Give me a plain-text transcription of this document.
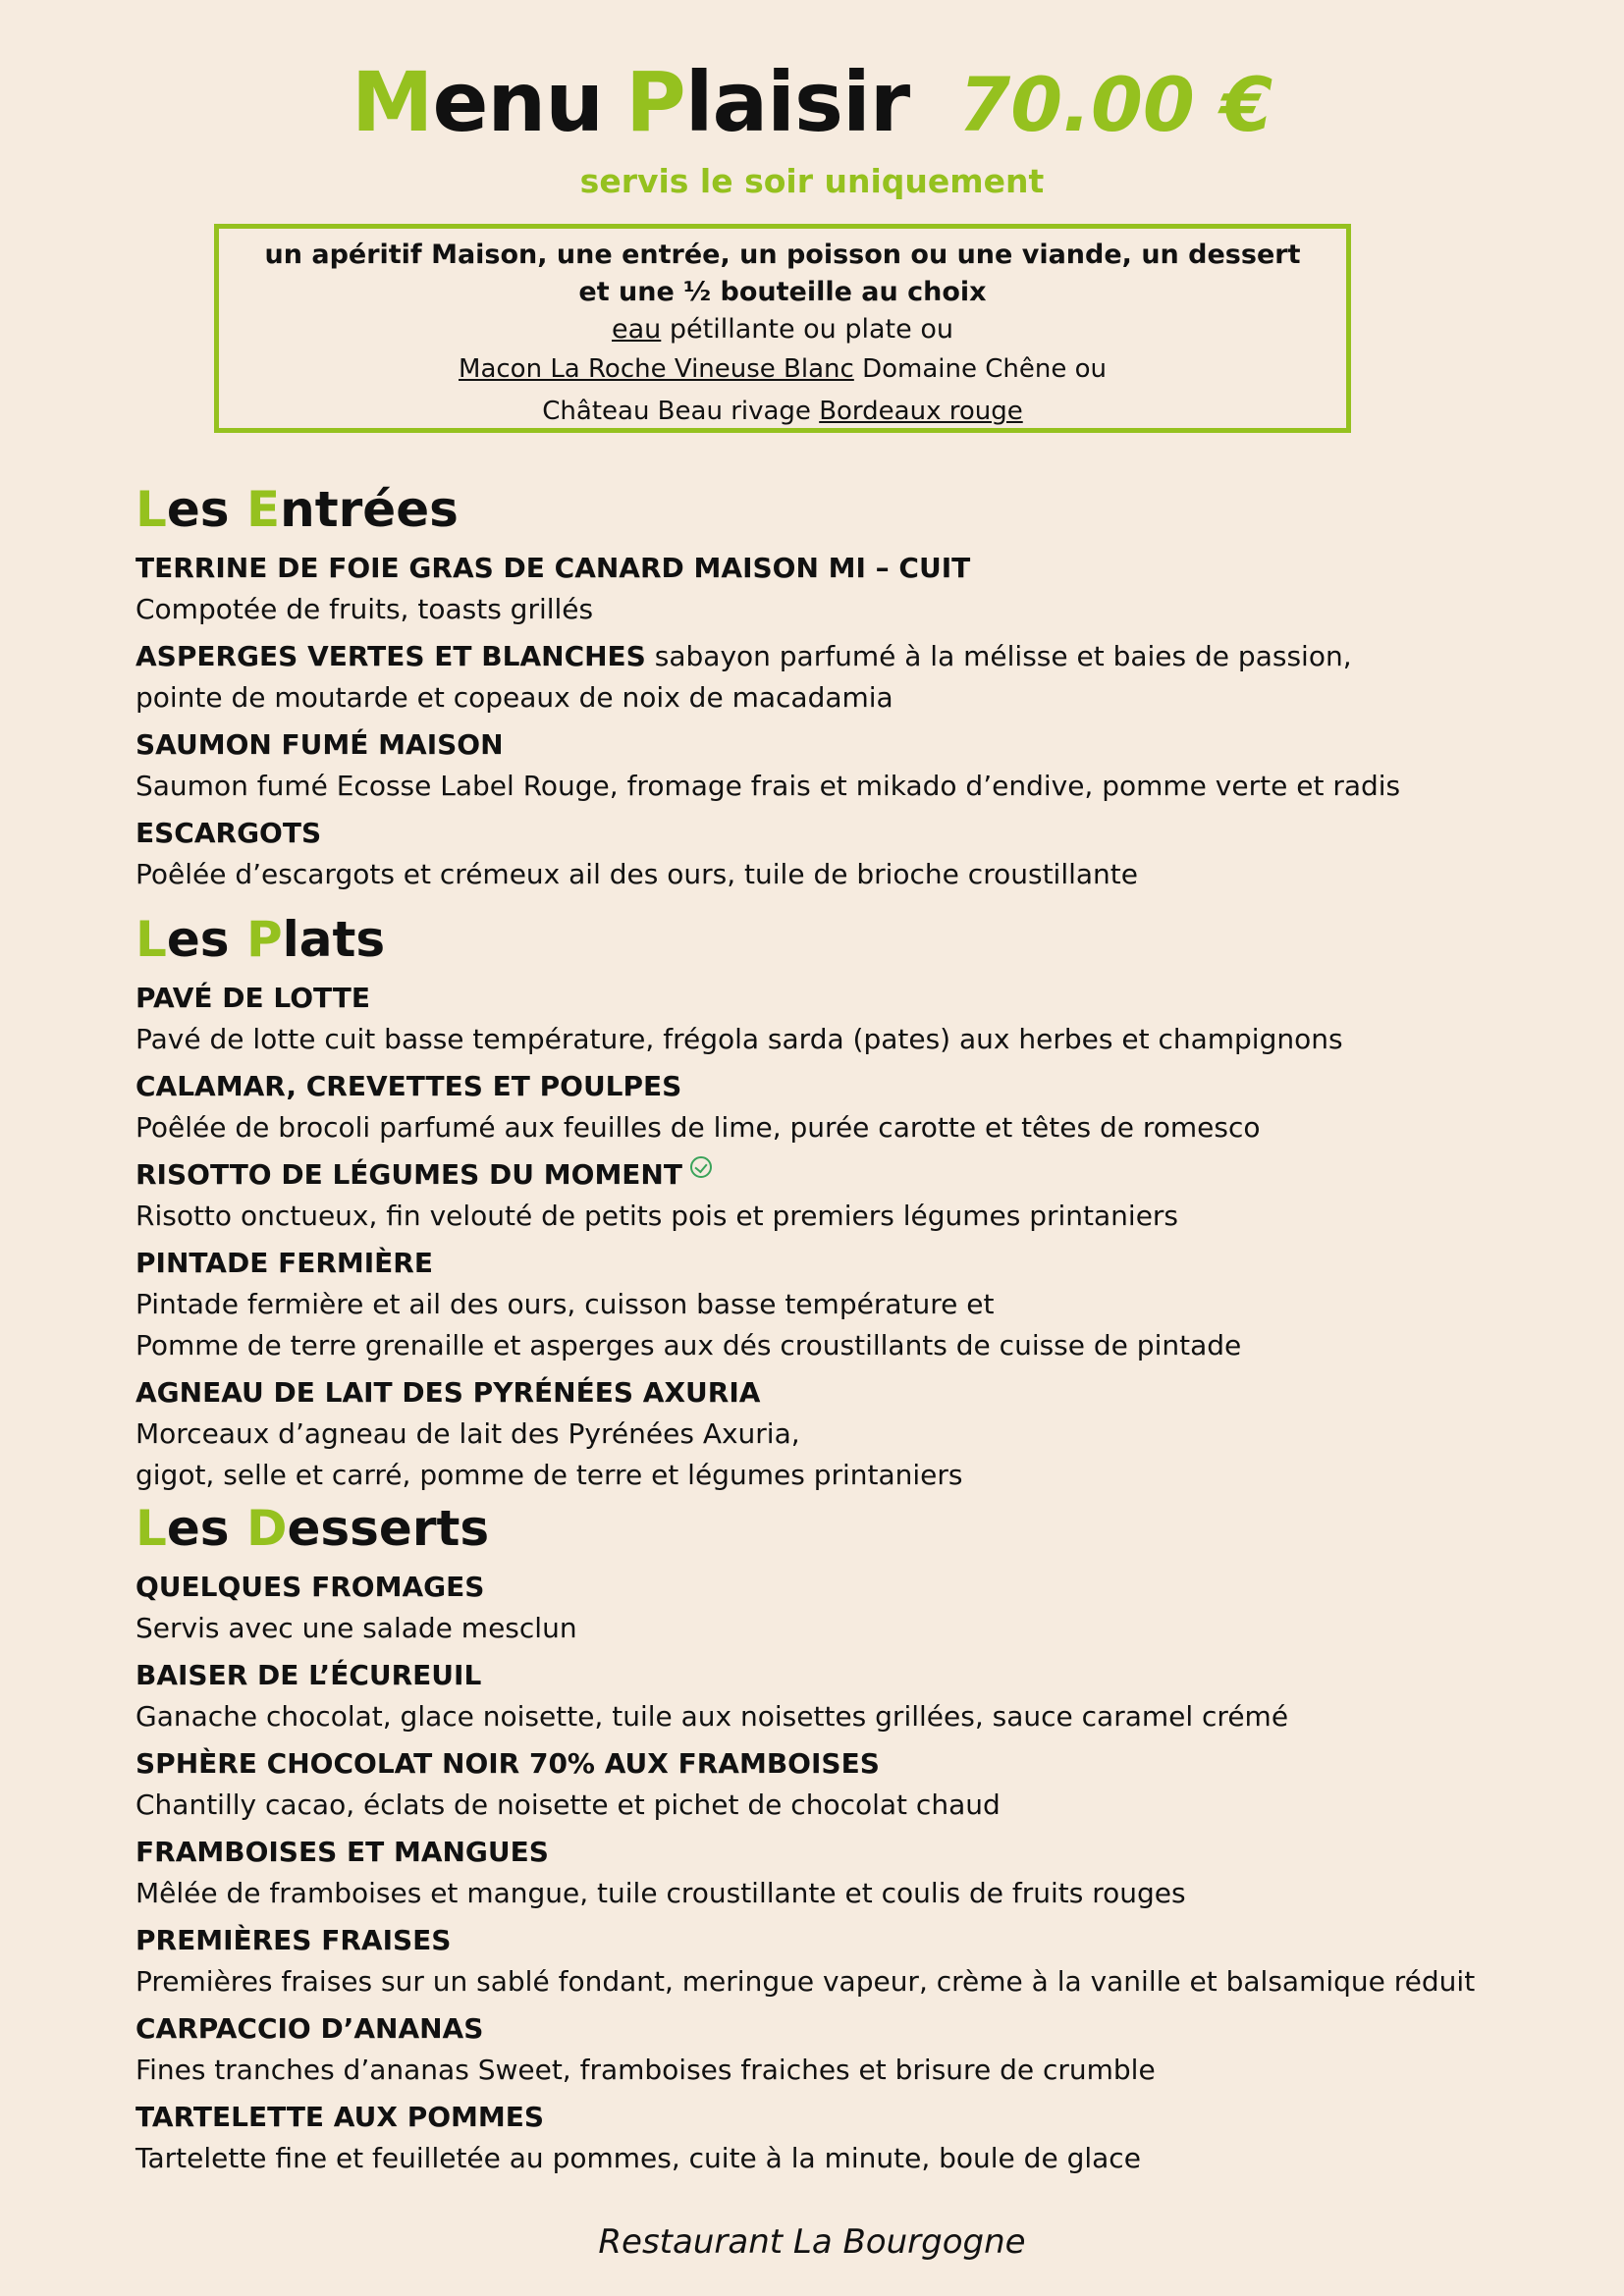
Menu Plaisir 70.00 €
servis le soir uniquement
un apéritif Maison, une entrée, un poisson ou une viande, un dessert
et une ½ bouteille au choix
eau pétillante ou plate ou
Macon La Roche Vineuse Blanc Domaine Chêne ou
Château Beau rivage Bordeaux rouge
Les Entrées
TERRINE DE FOIE GRAS DE CANARD MAISON MI – CUIT
Compotée de fruits, toasts grillés
ASPERGES VERTES ET BLANCHES sabayon parfumé à la mélisse et baies de passion,
pointe de moutarde et copeaux de noix de macadamia
SAUMON FUMÉ MAISON
Saumon fumé Ecosse Label Rouge, fromage frais et mikado d’endive, pomme verte et radis
ESCARGOTS
Poêlée d’escargots et crémeux ail des ours, tuile de brioche croustillante
Les Plats
PAVÉ DE LOTTE
Pavé de lotte cuit basse température, frégola sarda (pates) aux herbes et champignons
CALAMAR, CREVETTES ET POULPES
Poêlée de brocoli parfumé aux feuilles de lime, purée carotte et têtes de romesco
RISOTTO DE LÉGUMES DU MOMENT
Risotto onctueux, fin velouté de petits pois et premiers légumes printaniers
PINTADE FERMIÈRE
Pintade fermière et ail des ours, cuisson basse température et
Pomme de terre grenaille et asperges aux dés croustillants de cuisse de pintade
AGNEAU DE LAIT DES PYRÉNÉES AXURIA
Morceaux d’agneau de lait des Pyrénées Axuria,
gigot, selle et carré, pomme de terre et légumes printaniers
Les Desserts
QUELQUES FROMAGES
Servis avec une salade mesclun
BAISER DE L’ÉCUREUIL
Ganache chocolat, glace noisette, tuile aux noisettes grillées, sauce caramel crémé
SPHÈRE CHOCOLAT NOIR 70% AUX FRAMBOISES
Chantilly cacao, éclats de noisette et pichet de chocolat chaud
FRAMBOISES ET MANGUES
Mêlée de framboises et mangue, tuile croustillante et coulis de fruits rouges
PREMIÈRES FRAISES
Premières fraises sur un sablé fondant, meringue vapeur, crème à la vanille et balsamique réduit
CARPACCIO D’ANANAS
Fines tranches d’ananas Sweet, framboises fraiches et brisure de crumble
TARTELETTE AUX POMMES
Tartelette fine et feuilletée au pommes, cuite à la minute, boule de glace
Restaurant La Bourgogne
